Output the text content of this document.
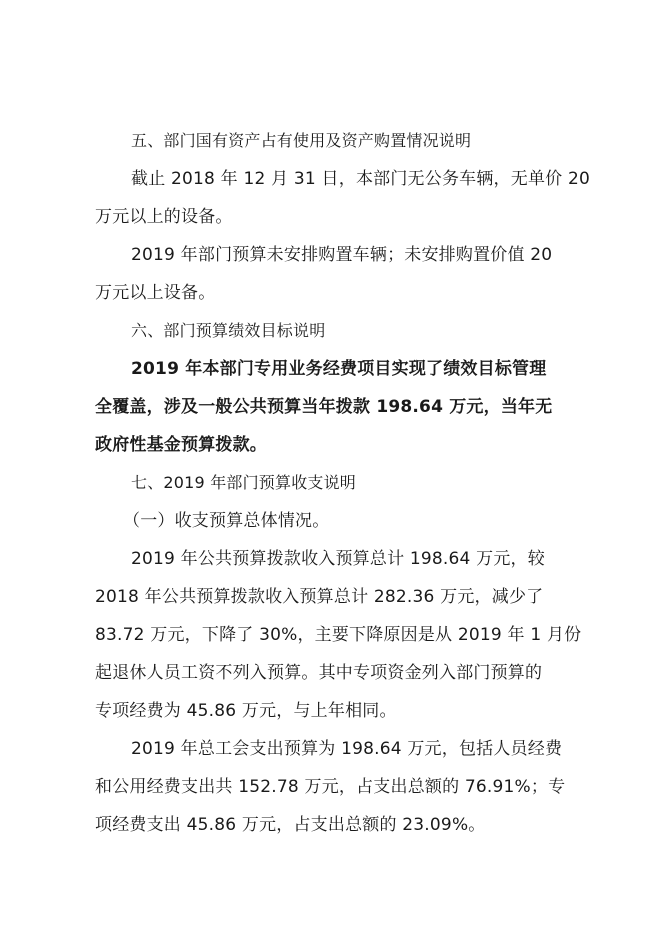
五、部门国有资产占有使用及资产购置情况说明
截止 2018 年 12 月 31 日，本部门无公务车辆，无单价 20
万元以上的设备。
2019 年部门预算未安排购置车辆；未安排购置价值 20
万元以上设备。
六、部门预算绩效目标说明
2019 年本部门专用业务经费项目实现了绩效目标管理
全覆盖，涉及一般公共预算当年拨款 198.64 万元，当年无
政府性基金预算拨款。
七、2019 年部门预算收支说明
（一）收支预算总体情况。
2019 年公共预算拨款收入预算总计 198.64 万元，较
2018 年公共预算拨款收入预算总计 282.36 万元，减少了
83.72 万元，下降了 30%，主要下降原因是从 2019 年 1 月份
起退休人员工资不列入预算。其中专项资金列入部门预算的
专项经费为 45.86 万元，与上年相同。
2019 年总工会支出预算为 198.64 万元，包括人员经费
和公用经费支出共 152.78 万元，占支出总额的 76.91%；专
项经费支出 45.86 万元，占支出总额的 23.09%。
